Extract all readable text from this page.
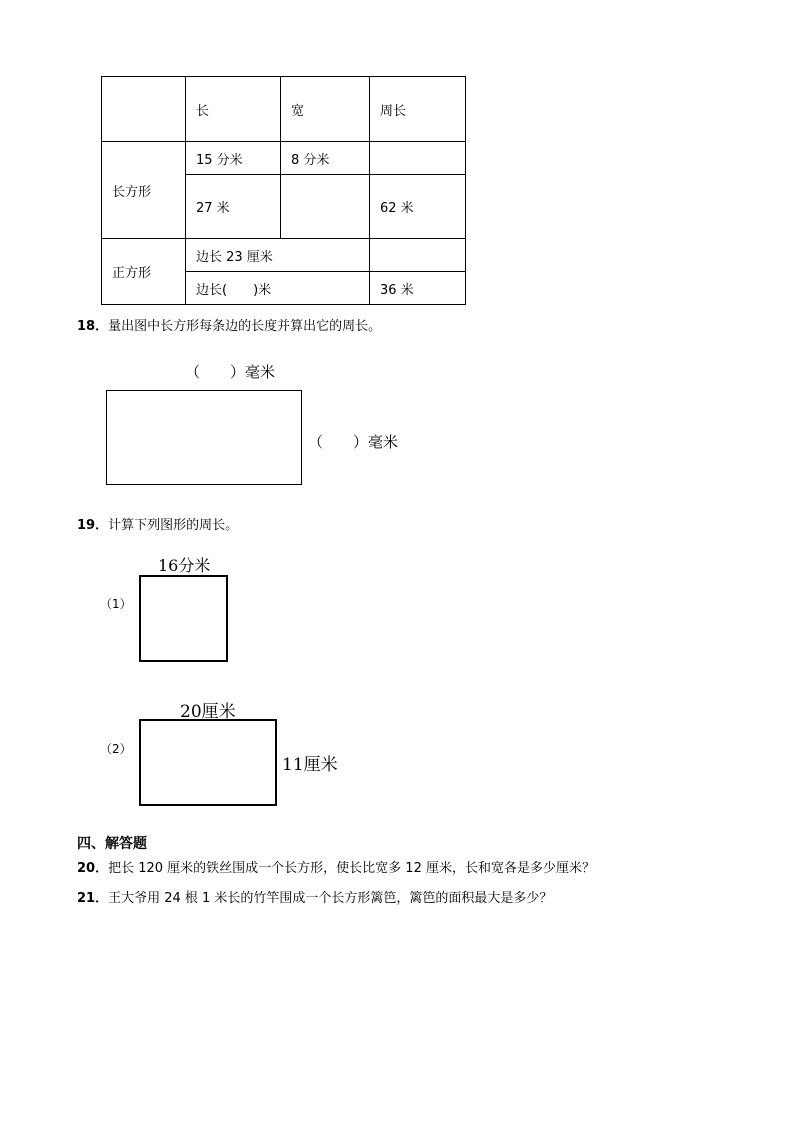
	长	宽	周长
长方形	15 分米	8 分米	
	27 米		62 米
正方形	边长 23 厘米		
	边长(　　)米		36 米
18．量出图中长方形每条边的长度并算出它的周长。
（　　）毫米
（　　）毫米
19．计算下列图形的周长。
16分米
（1）
20厘米
（2）
11厘米
四、解答题
20．把长 120 厘米的铁丝围成一个长方形，使长比宽多 12 厘米，长和宽各是多少厘米？
21．王大爷用 24 根 1 米长的竹竿围成一个长方形篱笆，篱笆的面积最大是多少？
